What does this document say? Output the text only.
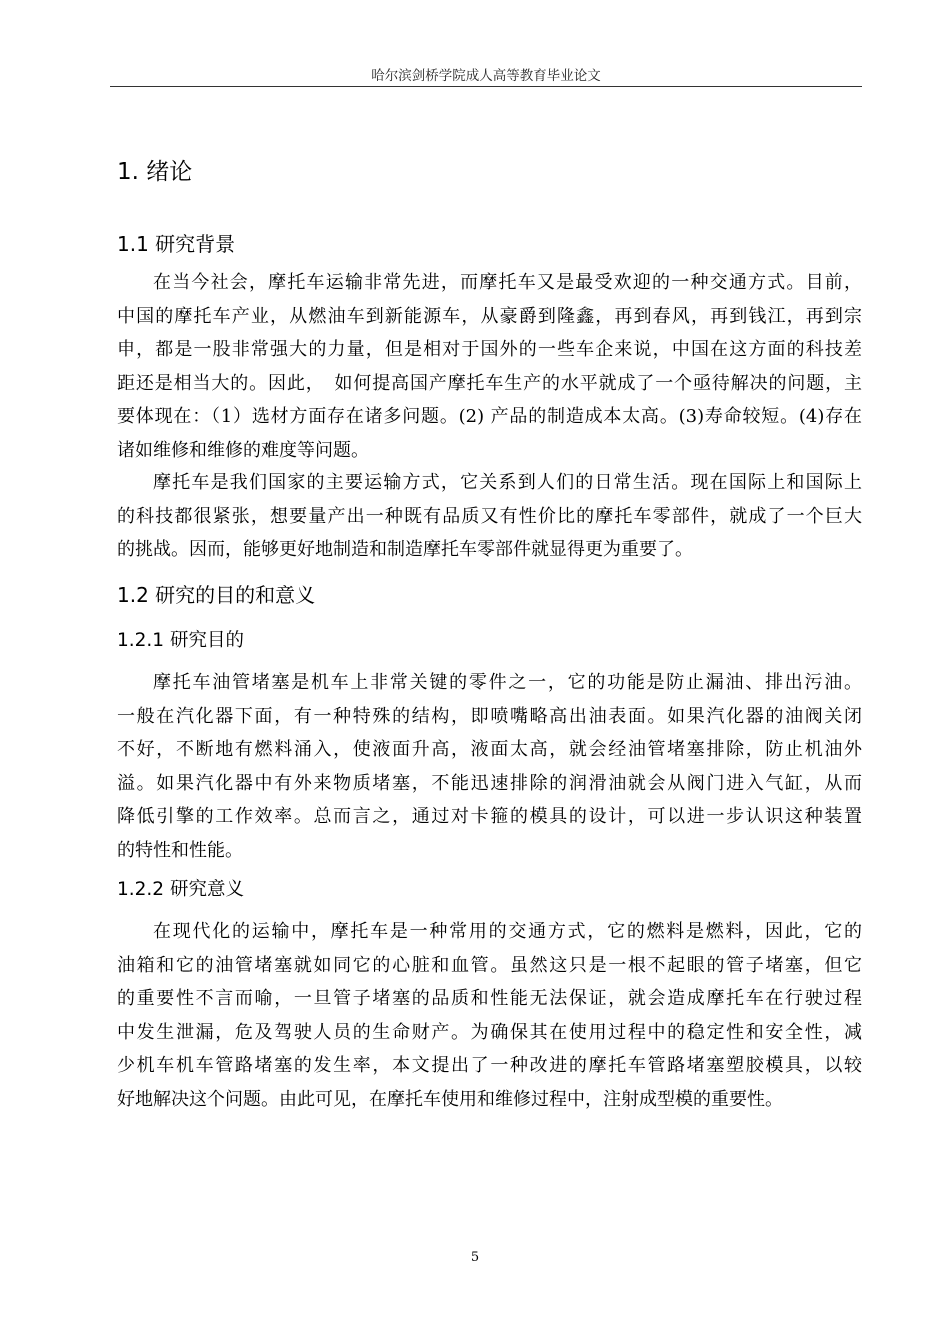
哈尔滨剑桥学院成人高等教育毕业论文
1. 绪论
1.1 研究背景
在当今社会，摩托车运输非常先进，而摩托车又是最受欢迎的一种交通方式。目前，
中国的摩托车产业，从燃油车到新能源车，从豪爵到隆鑫，再到春风，再到钱江，再到宗
申，都是一股非常强大的力量，但是相对于国外的一些车企来说，中国在这方面的科技差
距还是相当大的。因此，　如何提高国产摩托车生产的水平就成了一个亟待解决的问题，主
要体现在：（1）选材方面存在诸多问题。(2) 产品的制造成本太高。(3)寿命较短。(4)存在
诸如维修和维修的难度等问题。
摩托车是我们国家的主要运输方式，它关系到人们的日常生活。现在国际上和国际上
的科技都很紧张，想要量产出一种既有品质又有性价比的摩托车零部件，就成了一个巨大
的挑战。因而，能够更好地制造和制造摩托车零部件就显得更为重要了。
1.2 研究的目的和意义
1.2.1 研究目的
摩托车油管堵塞是机车上非常关键的零件之一，它的功能是防止漏油、排出污油。
一般在汽化器下面，有一种特殊的结构，即喷嘴略高出油表面。如果汽化器的油阀关闭
不好，不断地有燃料涌入，使液面升高，液面太高，就会经油管堵塞排除，防止机油外
溢。如果汽化器中有外来物质堵塞，不能迅速排除的润滑油就会从阀门进入气缸，从而
降低引擎的工作效率。总而言之，通过对卡箍的模具的设计，可以进一步认识这种装置
的特性和性能。
1.2.2 研究意义
在现代化的运输中，摩托车是一种常用的交通方式，它的燃料是燃料，因此，它的
油箱和它的油管堵塞就如同它的心脏和血管。虽然这只是一根不起眼的管子堵塞，但它
的重要性不言而喻，一旦管子堵塞的品质和性能无法保证，就会造成摩托车在行驶过程
中发生泄漏，危及驾驶人员的生命财产。为确保其在使用过程中的稳定性和安全性，减
少机车机车管路堵塞的发生率，本文提出了一种改进的摩托车管路堵塞塑胶模具，以较
好地解决这个问题。由此可见，在摩托车使用和维修过程中，注射成型模的重要性。
5
